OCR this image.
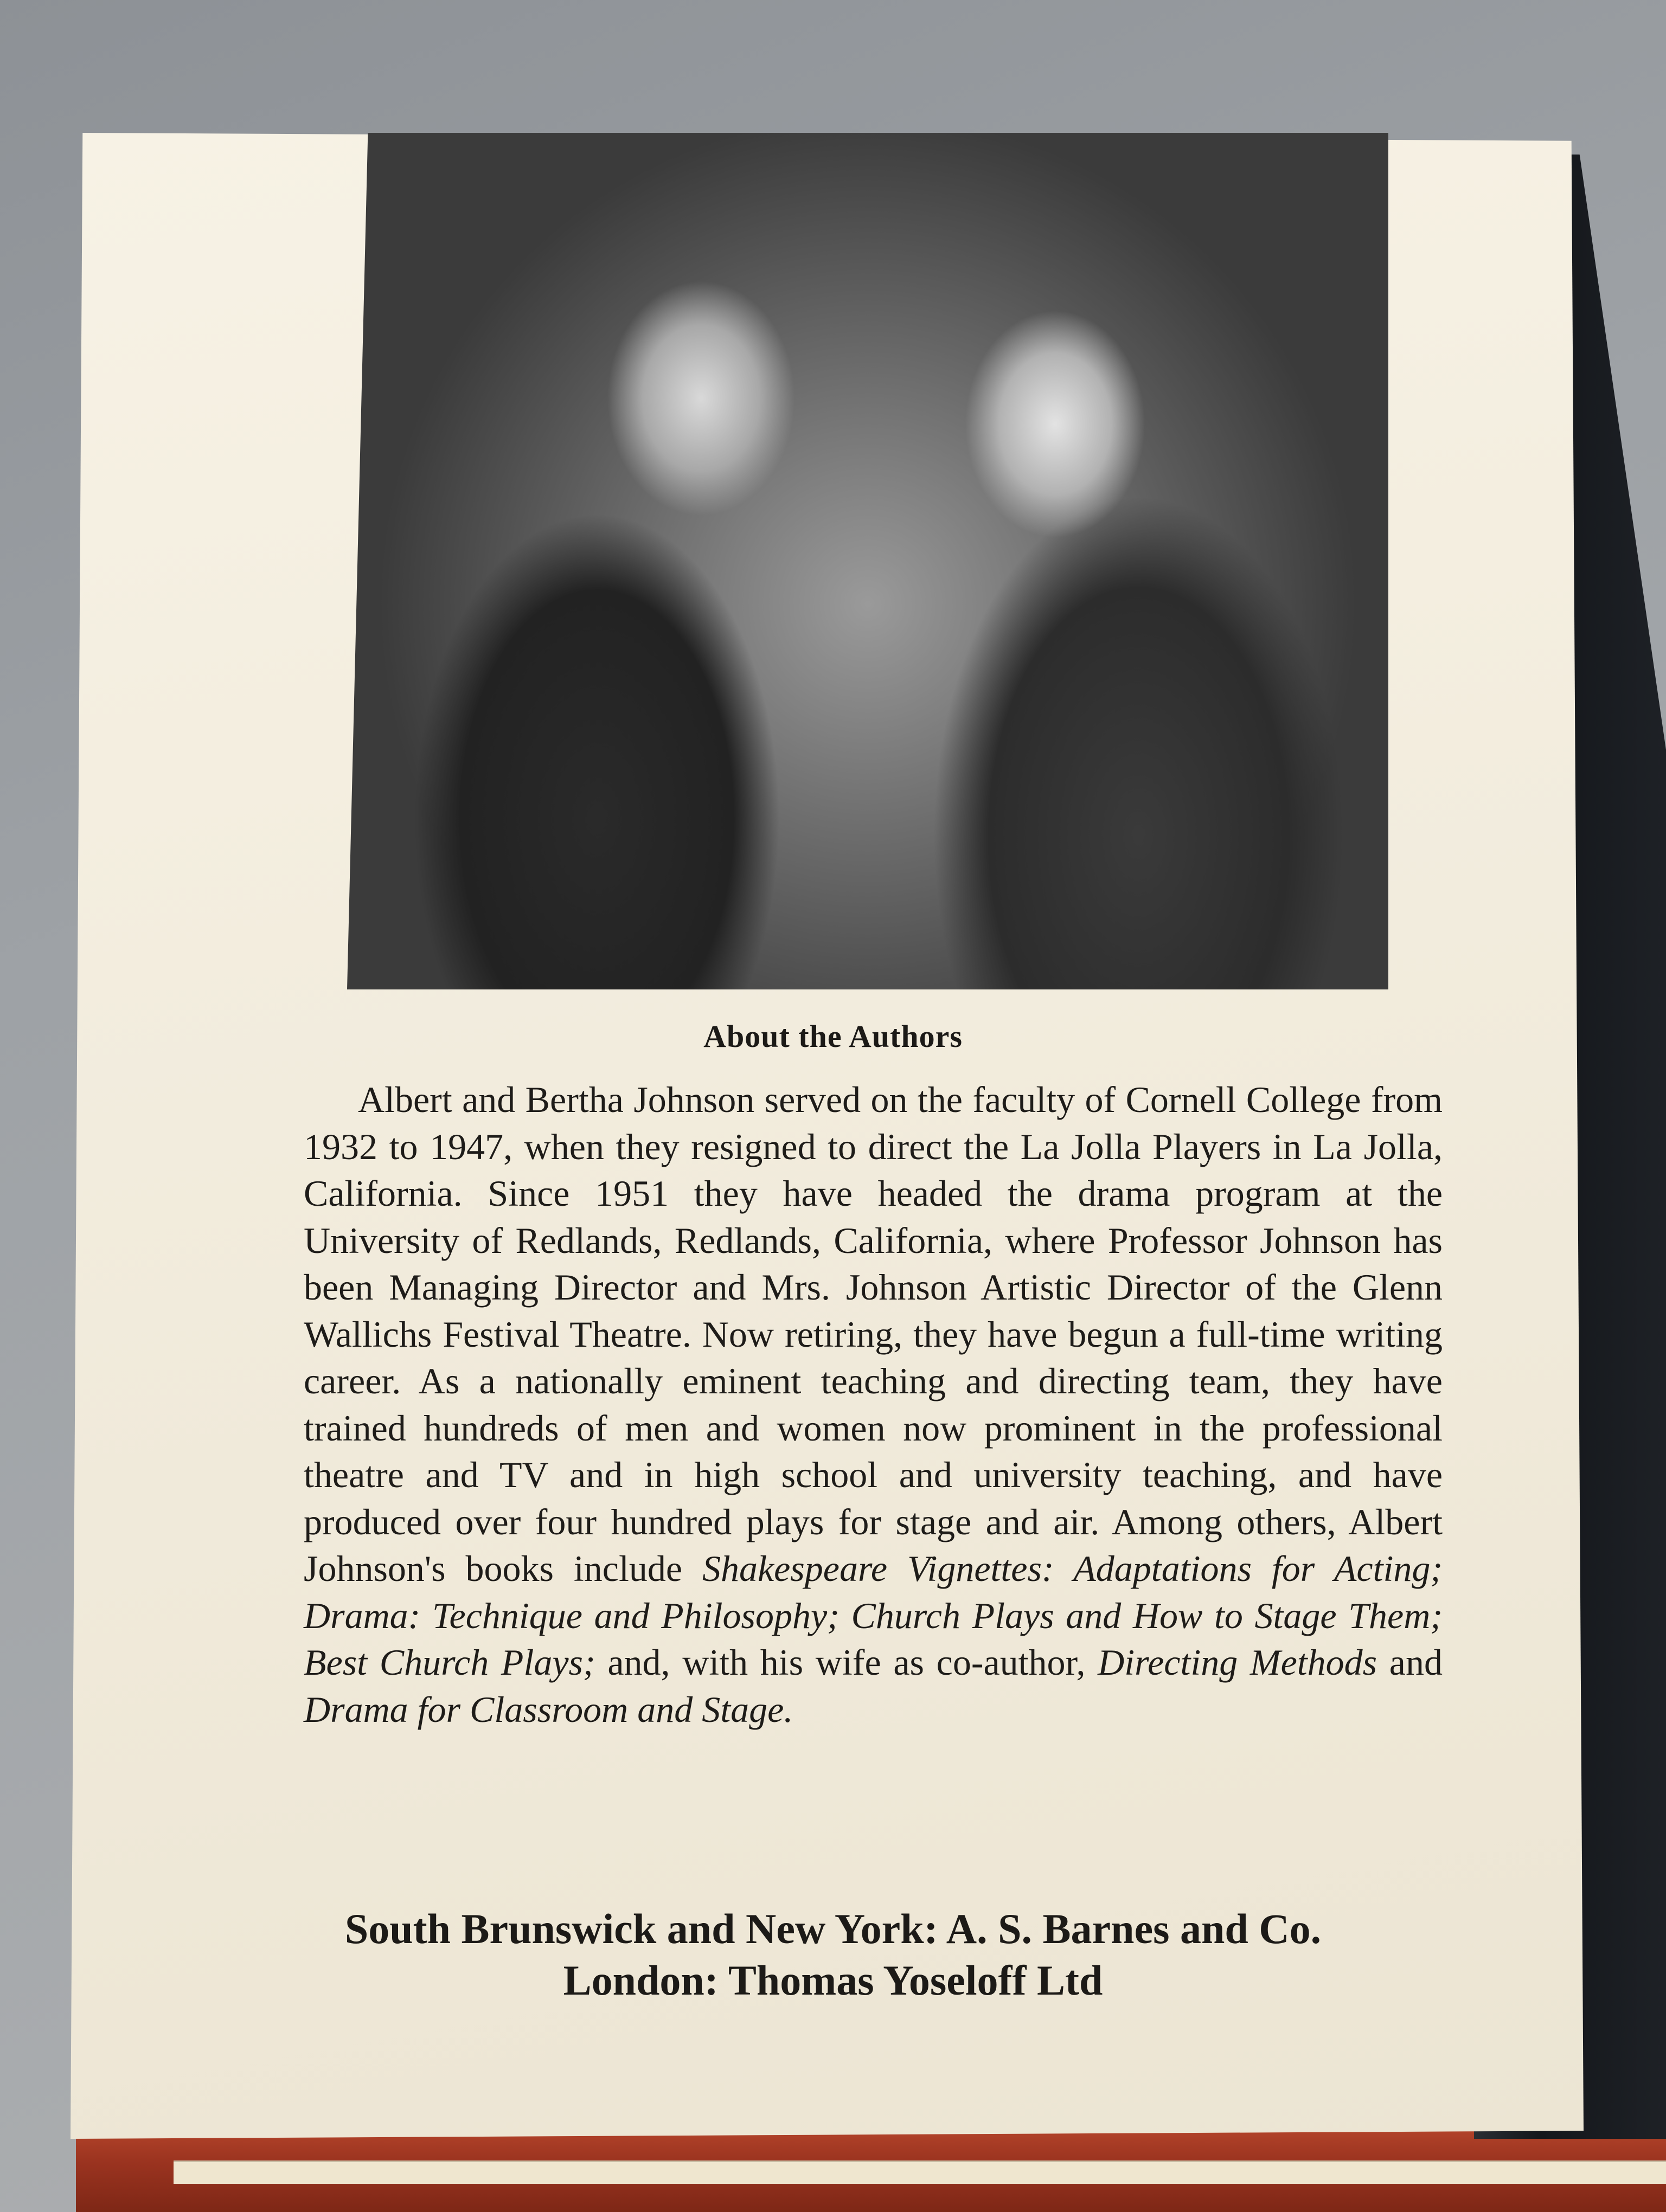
About the Authors

Albert and Bertha Johnson served on the faculty of Cornell College from 1932 to 1947, when they resigned to direct the La Jolla Players in La Jolla, California. Since 1951 they have headed the drama program at the University of Redlands, Redlands, California, where Professor Johnson has been Managing Director and Mrs. Johnson Artistic Director of the Glenn Wallichs Festival Theatre. Now retiring, they have begun a full-time writing career. As a nationally eminent teaching and directing team, they have trained hundreds of men and women now prominent in the professional theatre and TV and in high school and university teaching, and have produced over four hundred plays for stage and air. Among others, Albert Johnson's books include Shakespeare Vignettes: Adaptations for Acting; Drama: Technique and Philosophy; Church Plays and How to Stage Them; Best Church Plays; and, with his wife as co-author, Directing Methods and Drama for Classroom and Stage.

South Brunswick and New York: A. S. Barnes and Co.
London: Thomas Yoseloff Ltd
